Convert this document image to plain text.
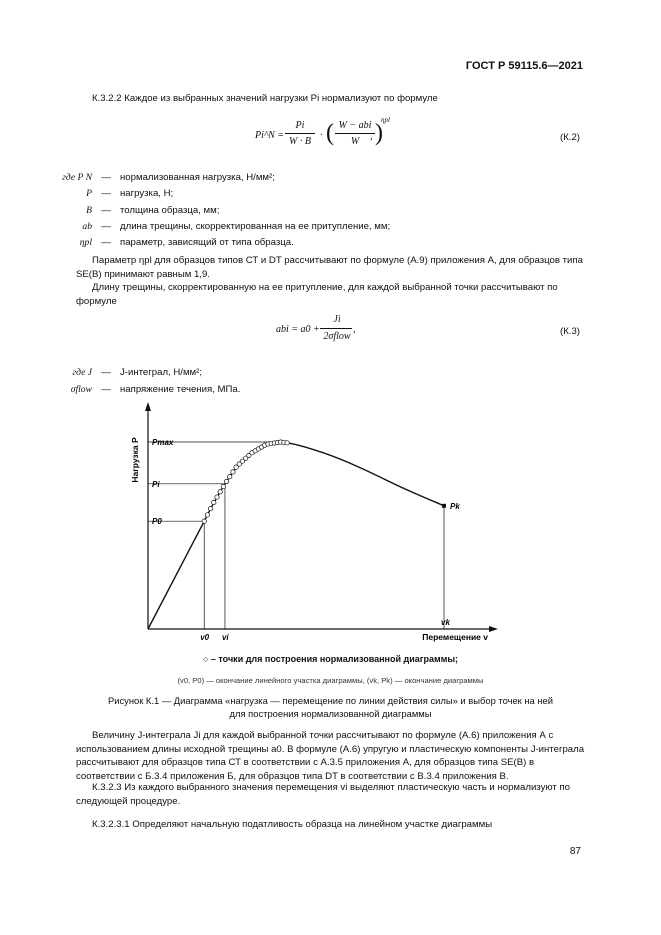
ГОСТ Р 59115.6—2021

К.3.2.2 Каждое из выбранных значений нагрузки Pi нормализуют по формуле

Pi^N =
Pi
W · B
· ( W − abi
W )
ηpl
,	(К.2)
где P N — нормализованная нагрузка, Н/мм²;
P — нагрузка, Н;
B — толщина образца, мм;
ab — длина трещины, скорректированная на ее притупление, мм;
ηpl — параметр, зависящий от типа образца.

Параметр ηpl для образцов типов СТ и DT рассчитывают по формуле (А.9) приложения А, для образцов типа SE(B) принимают равным 1,9.

Длину трещины, скорректированную на ее притупление, для каждой выбранной точки рассчитывают по формуле

abi = a0 +
Ji
2σflow
,	(К.3)
где J — J-интеграл, Н/мм²;
σflow — напряжение течения, МПа.
Нагрузка P
Перемещение v
Pmax
Pi
P0
Pk
v0 vi
vk
○ – точки для построения нормализованной диаграммы;
(v0, P0) — окончание линейного участка диаграммы, (vk, Pk) — окончание диаграммы
Рисунок К.1 — Диаграмма «нагрузка — перемещение по линии действия силы» и выбор точек на ней
для построения нормализованной диаграммы

Величину J-интеграла Ji для каждой выбранной точки рассчитывают по формуле (А.6) приложения А с использованием длины исходной трещины a0. В формуле (А.6) упругую и пластическую компоненты J-интеграла рассчитывают для образцов типа СТ в соответствии с А.3.5 приложения А, для образцов типа SE(B) в соответствии с Б.3.4 приложения Б, для образцов типа DT в соответствии с В.3.4 приложения В.

К.3.2.3 Из каждого выбранного значения перемещения vi выделяют пластическую часть и нормализуют по следующей процедуре.

К.3.2.3.1 Определяют начальную податливость образца на линейном участке диаграммы

87
